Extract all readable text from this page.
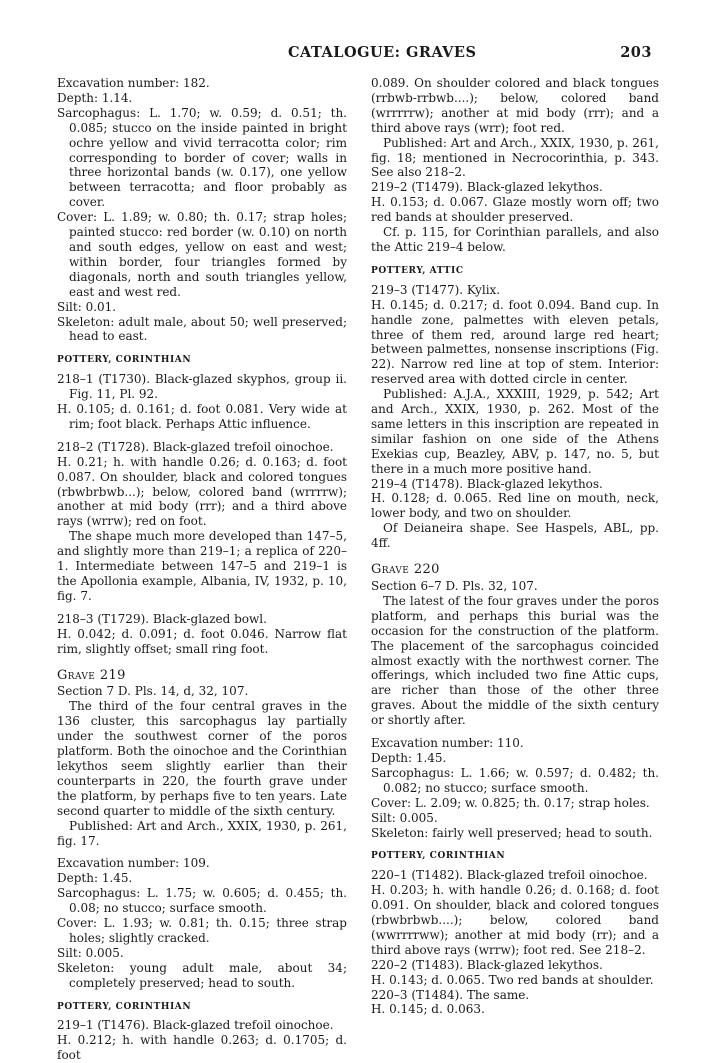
CATALOGUE: GRAVES	203

Excavation number: 182.

Depth: 1.14.

Sarcophagus: L. 1.70; w. 0.59; d. 0.51; th. 0.085; stucco on the inside painted in bright ochre yellow and vivid terracotta color; rim corresponding to border of cover; walls in three horizontal bands (w. 0.17), one yellow between terracotta; and floor probably as cover.

Cover: L. 1.89; w. 0.80; th. 0.17; strap holes; painted stucco: red border (w. 0.10) on north and south edges, yellow on east and west; within border, four triangles formed by diagonals, north and south triangles yellow, east and west red.

Silt: 0.01.

Skeleton: adult male, about 50; well preserved; head to east.

POTTERY, CORINTHIAN

218–1 (T1730). Black-glazed skyphos, group ii. Fig. 11, Pl. 92.

H. 0.105; d. 0.161; d. foot 0.081. Very wide at rim; foot black. Perhaps Attic influence.

218–2 (T1728). Black-glazed trefoil oinochoe.

H. 0.21; h. with handle 0.26; d. 0.163; d. foot 0.087. On shoulder, black and colored tongues (rbwbrbwb...); below, colored band (wrrrrw); another at mid body (rrr); and a third above rays (wrrw); red on foot.

The shape much more developed than 147–5, and slightly more than 219–1; a replica of 220–1. Intermediate between 147–5 and 219–1 is the Apollonia example, Albania, IV, 1932, p. 10, fig. 7.

218–3 (T1729). Black-glazed bowl.

H. 0.042; d. 0.091; d. foot 0.046. Narrow flat rim, slightly offset; small ring foot.

Grave 219

Section 7 D. Pls. 14, d, 32, 107.

The third of the four central graves in the 136 cluster, this sarcophagus lay partially under the southwest corner of the poros platform. Both the oinochoe and the Corinthian lekythos seem slightly earlier than their counterparts in 220, the fourth grave under the platform, by perhaps five to ten years. Late second quarter to middle of the sixth century.

Published: Art and Arch., XXIX, 1930, p. 261, fig. 17.

Excavation number: 109.

Depth: 1.45.

Sarcophagus: L. 1.75; w. 0.605; d. 0.455; th. 0.08; no stucco; surface smooth.

Cover: L. 1.93; w. 0.81; th. 0.15; three strap holes; slightly cracked.

Silt: 0.005.

Skeleton: young adult male, about 34; completely preserved; head to south.

POTTERY, CORINTHIAN

219–1 (T1476). Black-glazed trefoil oinochoe.

H. 0.212; h. with handle 0.263; d. 0.1705; d. foot

0.089. On shoulder colored and black tongues (rrbwb-rrbwb....); below, colored band (wrrrrrw); another at mid body (rrr); and a third above rays (wrr); foot red.

Published: Art and Arch., XXIX, 1930, p. 261, fig. 18; mentioned in Necrocorinthia, p. 343. See also 218–2.

219–2 (T1479). Black-glazed lekythos.

H. 0.153; d. 0.067. Glaze mostly worn off; two red bands at shoulder preserved.

Cf. p. 115, for Corinthian parallels, and also the Attic 219–4 below.

POTTERY, ATTIC

219–3 (T1477). Kylix.

H. 0.145; d. 0.217; d. foot 0.094. Band cup. In handle zone, palmettes with eleven petals, three of them red, around large red heart; between palmettes, nonsense inscriptions (Fig. 22). Narrow red line at top of stem. Interior: reserved area with dotted circle in center.

Published: A.J.A., XXXIII, 1929, p. 542; Art and Arch., XXIX, 1930, p. 262. Most of the same letters in this inscription are repeated in similar fashion on one side of the Athens Exekias cup, Beazley, ABV, p. 147, no. 5, but there in a much more positive hand.

219–4 (T1478). Black-glazed lekythos.

H. 0.128; d. 0.065. Red line on mouth, neck, lower body, and two on shoulder.

Of Deianeira shape. See Haspels, ABL, pp. 4ff.

Grave 220

Section 6–7 D. Pls. 32, 107.

The latest of the four graves under the poros platform, and perhaps this burial was the occasion for the construction of the platform. The placement of the sarcophagus coincided almost exactly with the northwest corner. The offerings, which included two fine Attic cups, are richer than those of the other three graves. About the middle of the sixth century or shortly after.

Excavation number: 110.

Depth: 1.45.

Sarcophagus: L. 1.66; w. 0.597; d. 0.482; th. 0.082; no stucco; surface smooth.

Cover: L. 2.09; w. 0.825; th. 0.17; strap holes.

Silt: 0.005.

Skeleton: fairly well preserved; head to south.

POTTERY, CORINTHIAN

220–1 (T1482). Black-glazed trefoil oinochoe.

H. 0.203; h. with handle 0.26; d. 0.168; d. foot 0.091. On shoulder, black and colored tongues (rbwbrbwb....); below, colored band (wwrrrrww); another at mid body (rr); and a third above rays (wrrw); foot red. See 218–2.

220–2 (T1483). Black-glazed lekythos.

H. 0.143; d. 0.065. Two red bands at shoulder.

220–3 (T1484). The same.

H. 0.145; d. 0.063.
